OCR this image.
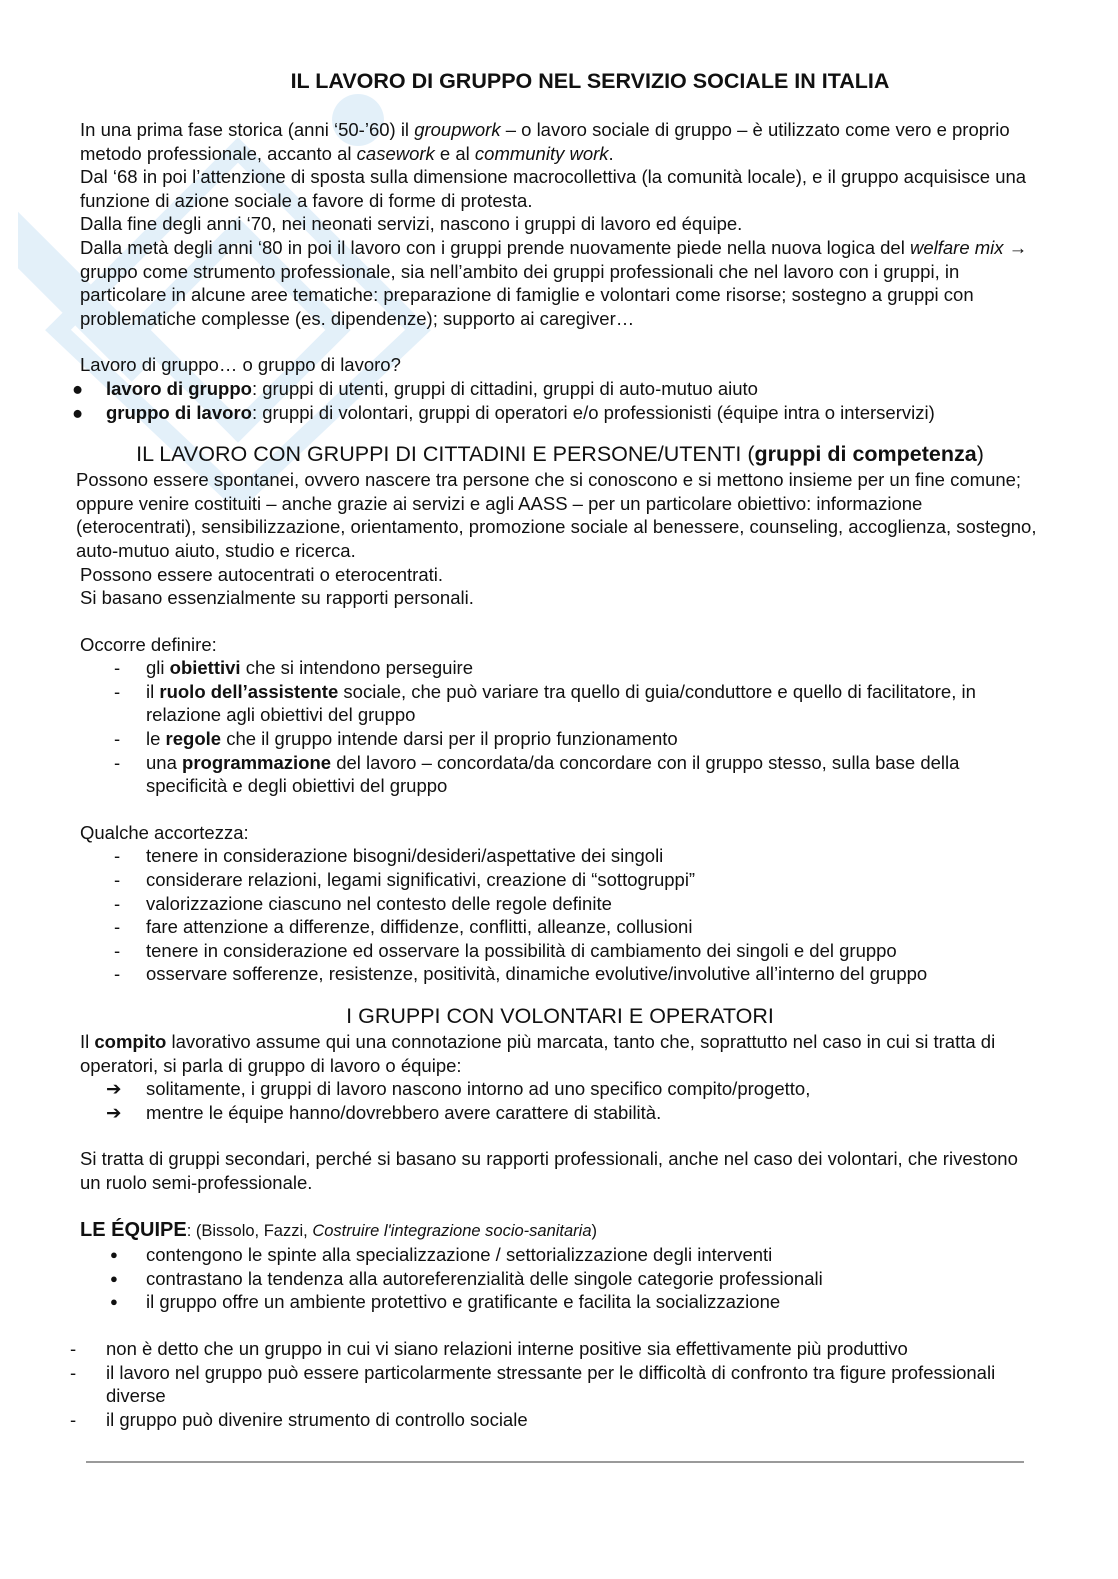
IL LAVORO DI GRUPPO NEL SERVIZIO SOCIALE IN ITALIA

In una prima fase storica (anni ‘50-’60) il groupwork – o lavoro sociale di gruppo – è utilizzato come vero e proprio metodo professionale, accanto al casework e al community work.

Dal ‘68 in poi l’attenzione di sposta sulla dimensione macrocollettiva (la comunità locale), e il gruppo acquisisce una funzione di azione sociale a favore di forme di protesta.

Dalla fine degli anni ‘70, nei neonati servizi, nascono i gruppi di lavoro ed équipe.

Dalla metà degli anni ‘80 in poi il lavoro con i gruppi prende nuovamente piede nella nuova logica del welfare mix → gruppo come strumento professionale, sia nell’ambito dei gruppi professionali che nel lavoro con i gruppi, in particolare in alcune aree tematiche: preparazione di famiglie e volontari come risorse; sostegno a gruppi con problematiche complesse (es. dipendenze); supporto ai caregiver…

Lavoro di gruppo… o gruppo di lavoro?

● lavoro di gruppo: gruppi di utenti, gruppi di cittadini, gruppi di auto-mutuo aiuto
● gruppo di lavoro: gruppi di volontari, gruppi di operatori e/o professionisti (équipe intra o interservizi)

IL LAVORO CON GRUPPI DI CITTADINI E PERSONE/UTENTI (gruppi di competenza)

Possono essere spontanei, ovvero nascere tra persone che si conoscono e si mettono insieme per un fine comune; oppure venire costituiti – anche grazie ai servizi e agli AASS – per un particolare obiettivo: informazione (eterocentrati), sensibilizzazione, orientamento, promozione sociale al benessere, counseling, accoglienza, sostegno, auto-mutuo aiuto, studio e ricerca.

Possono essere autocentrati o eterocentrati.

Si basano essenzialmente su rapporti personali.

Occorre definire:

- gli obiettivi che si intendono perseguire
- il ruolo dell’assistente sociale, che può variare tra quello di guia/conduttore e quello di facilitatore, in relazione agli obiettivi del gruppo
- le regole che il gruppo intende darsi per il proprio funzionamento
- una programmazione del lavoro – concordata/da concordare con il gruppo stesso, sulla base della specificità e degli obiettivi del gruppo

Qualche accortezza:

- tenere in considerazione bisogni/desideri/aspettative dei singoli
- considerare relazioni, legami significativi, creazione di “sottogruppi”
- valorizzazione ciascuno nel contesto delle regole definite
- fare attenzione a differenze, diffidenze, conflitti, alleanze, collusioni
- tenere in considerazione ed osservare la possibilità di cambiamento dei singoli e del gruppo
- osservare sofferenze, resistenze, positività, dinamiche evolutive/involutive all’interno del gruppo

I GRUPPI CON VOLONTARI E OPERATORI

Il compito lavorativo assume qui una connotazione più marcata, tanto che, soprattutto nel caso in cui si tratta di operatori, si parla di gruppo di lavoro o équipe:

➔ solitamente, i gruppi di lavoro nascono intorno ad uno specifico compito/progetto,
➔ mentre le équipe hanno/dovrebbero avere carattere di stabilità.

Si tratta di gruppi secondari, perché si basano su rapporti professionali, anche nel caso dei volontari, che rivestono un ruolo semi-professionale.

LE ÉQUIPE: (Bissolo, Fazzi, Costruire l'integrazione socio-sanitaria)

● contengono le spinte alla specializzazione / settorializzazione degli interventi
● contrastano la tendenza alla autoreferenzialità delle singole categorie professionali
● il gruppo offre un ambiente protettivo e gratificante e facilita la socializzazione
- non è detto che un gruppo in cui vi siano relazioni interne positive sia effettivamente più produttivo
- il lavoro nel gruppo può essere particolarmente stressante per le difficoltà di confronto tra figure professionali diverse
- il gruppo può divenire strumento di controllo sociale
